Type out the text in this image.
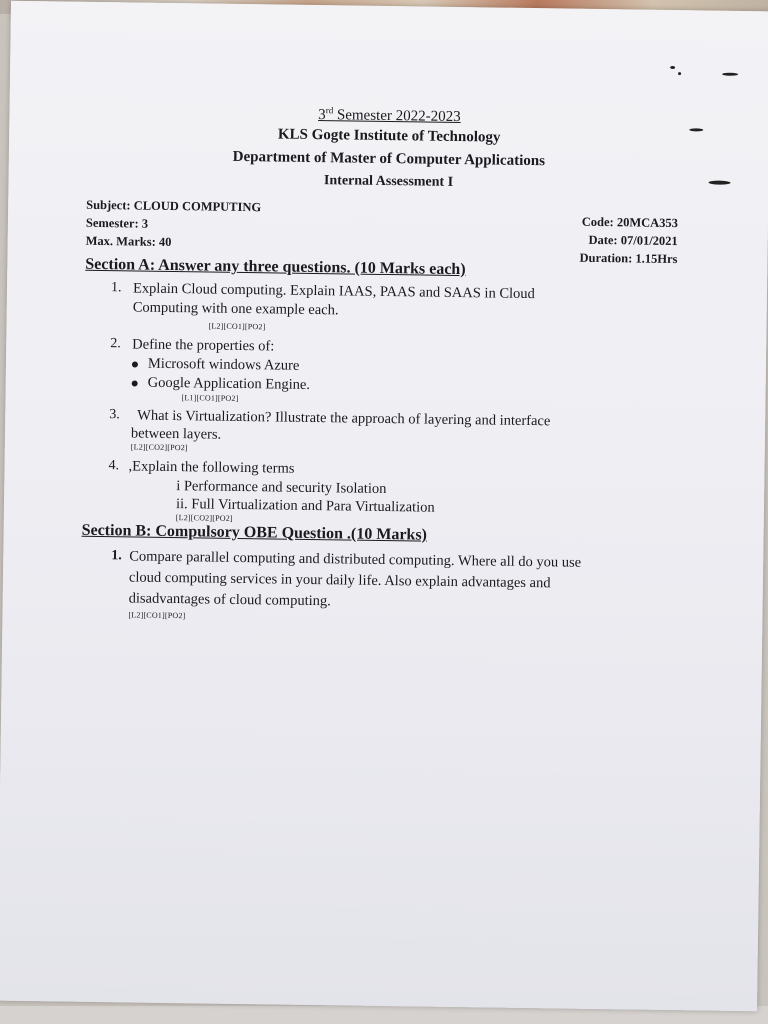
3rd Semester 2022-2023
KLS Gogte Institute of Technology
Department of Master of Computer Applications
Internal Assessment I
Subject: CLOUD COMPUTING
Semester: 3
Max. Marks: 40
Code: 20MCA353
Date: 07/01/2021
Duration: 1.15Hrs
Section A: Answer any three questions. (10 Marks each)
1. Explain Cloud computing. Explain IAAS, PAAS and SAAS in Cloud
Computing with one example each.
[L2][CO1][PO2]
2. Define the properties of:
Microsoft windows Azure
Google Application Engine.
[L1][CO1][PO2]
3. What is Virtualization? Illustrate the approach of layering and interface
between layers.
[L2][CO2][PO2]
4. ,Explain the following terms
i Performance and security Isolation
ii. Full Virtualization and Para Virtualization
[L2][CO2][PO2]
Section B: Compulsory OBE Question .(10 Marks)
1. Compare parallel computing and distributed computing. Where all do you use
cloud computing services in your daily life. Also explain advantages and
disadvantages of cloud computing.
[L2][CO1][PO2]
